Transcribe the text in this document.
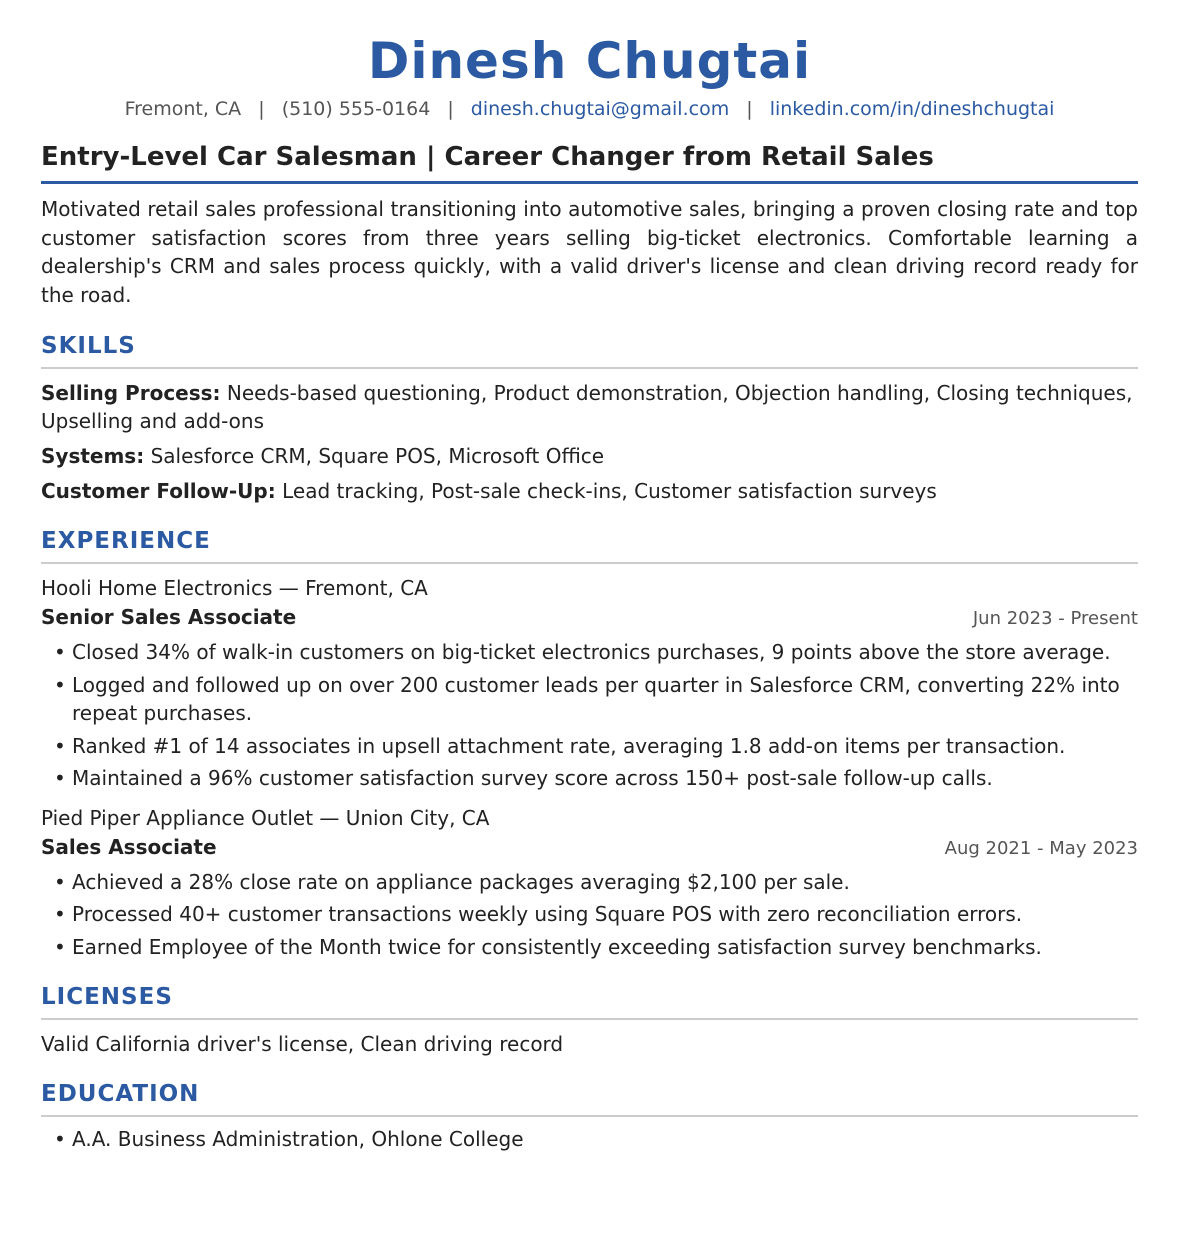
Dinesh Chugtai
Fremont, CA | (510) 555-0164 | dinesh.chugtai@gmail.com | linkedin.com/in/dineshchugtai
Entry-Level Car Salesman | Career Changer from Retail Sales
Motivated retail sales professional transitioning into automotive sales, bringing a proven closing rate and top customer satisfaction scores from three years selling big-ticket electronics. Comfortable learning a dealership's CRM and sales process quickly, with a valid driver's license and clean driving record ready for the road.
SKILLS
Selling Process: Needs-based questioning, Product demonstration, Objection handling, Closing techniques, Upselling and add-ons
Systems: Salesforce CRM, Square POS, Microsoft Office
Customer Follow-Up: Lead tracking, Post-sale check-ins, Customer satisfaction surveys
EXPERIENCE
Hooli Home Electronics — Fremont, CA
Senior Sales Associate	Jun 2023 - Present
• Closed 34% of walk-in customers on big-ticket electronics purchases, 9 points above the store average.
• Logged and followed up on over 200 customer leads per quarter in Salesforce CRM, converting 22% into repeat purchases.
• Ranked #1 of 14 associates in upsell attachment rate, averaging 1.8 add-on items per transaction.
• Maintained a 96% customer satisfaction survey score across 150+ post-sale follow-up calls.
Pied Piper Appliance Outlet — Union City, CA
Sales Associate	Aug 2021 - May 2023
• Achieved a 28% close rate on appliance packages averaging $2,100 per sale.
• Processed 40+ customer transactions weekly using Square POS with zero reconciliation errors.
• Earned Employee of the Month twice for consistently exceeding satisfaction survey benchmarks.
LICENSES
Valid California driver's license, Clean driving record
EDUCATION
• A.A. Business Administration, Ohlone College
